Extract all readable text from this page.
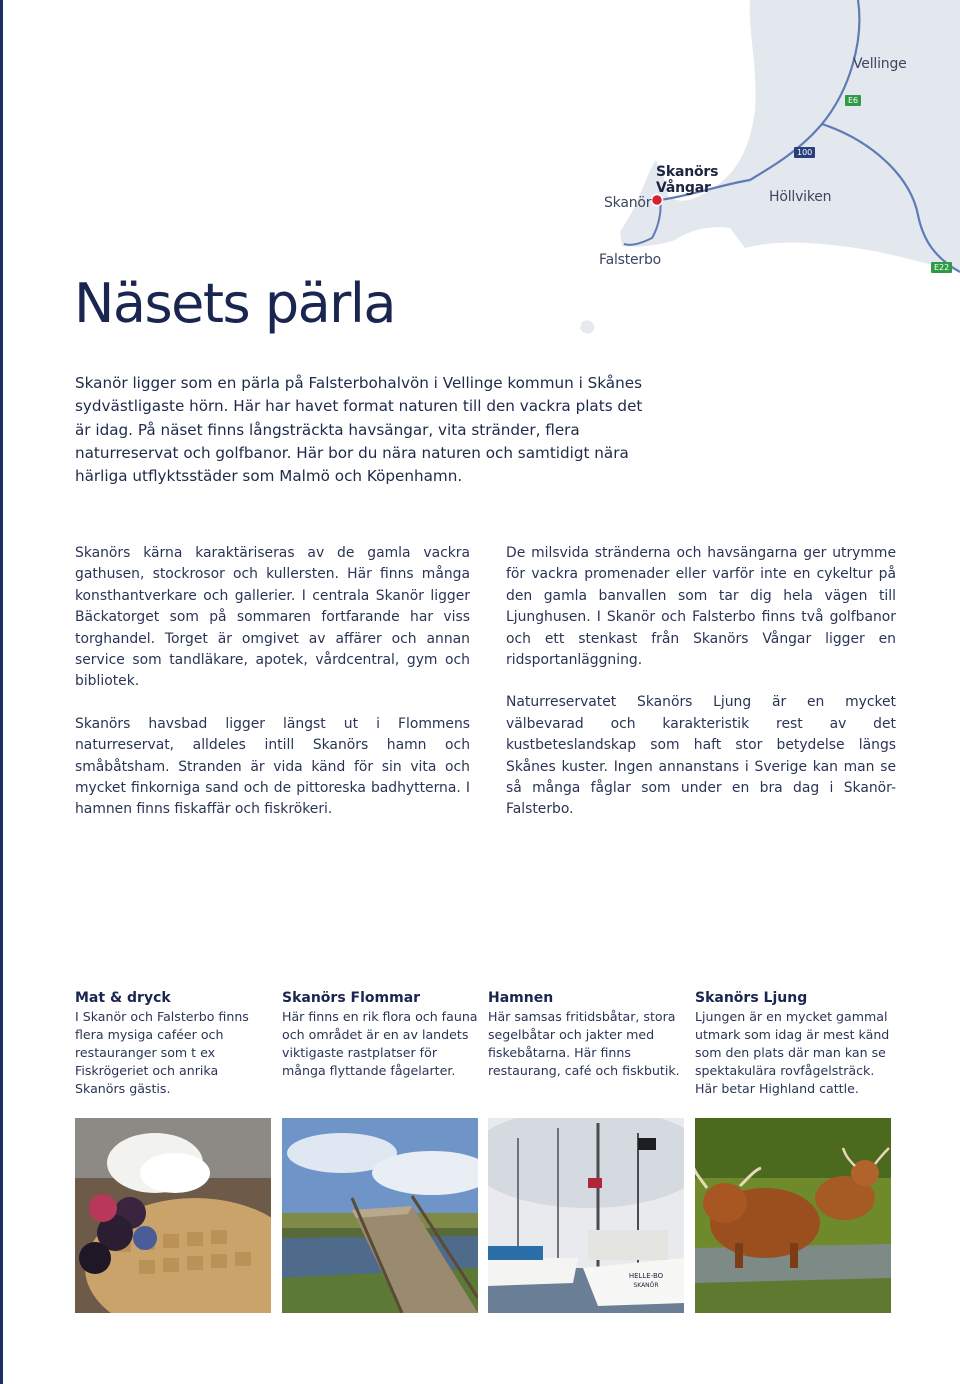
Vellinge
E6
100
Skanörs
Vångar
Skanör	Höllviken
Falsterbo	E22
Näsets pärla

Skanör ligger som en pärla på Falsterbohalvön i Vellinge kommun i Skånes sydvästligaste hörn. Här har havet format naturen till den vackra plats det är idag. På näset finns långsträckta havsängar, vita stränder, flera naturreservat och golfbanor. Här bor du nära naturen och samtidigt nära härliga utflyktsstäder som Malmö och Köpenhamn.

Skanörs kärna karaktäriseras av de gamla vackra gathusen, stockrosor och kullersten. Här finns många konsthantverkare och gallerier. I centrala Skanör ligger Bäckatorget som på sommaren fortfarande har viss torghandel. Torget är omgivet av affärer och annan service som tandläkare, apotek, vårdcentral, gym och bibliotek.

Skanörs havsbad ligger längst ut i Flommens naturreservat, alldeles intill Skanörs hamn och småbåtsham. Stranden är vida känd för sin vita och mycket finkorniga sand och de pittoreska badhytterna. I hamnen finns fiskaffär och fiskrökeri.

De milsvida stränderna och havsängarna ger utrymme för vackra promenader eller varför inte en cykeltur på den gamla banvallen som tar dig hela vägen till Ljunghusen. I Skanör och Falsterbo finns två golfbanor och ett stenkast från Skanörs Vångar ligger en ridsportanläggning.

Naturreservatet Skanörs Ljung är en mycket välbevarad och karakteristik rest av det kustbeteslandskap som haft stor betydelse längs Skånes kuster. Ingen annanstans i Sverige kan man se så många fåglar som under en bra dag i Skanör-Falsterbo.

Mat & dryck

I Skanör och Falsterbo finns flera mysiga caféer och restauranger som t ex Fiskrögeriet och anrika Skanörs gästis.

Skanörs Flommar

Här finns en rik flora och fauna och området är en av landets viktigaste rastplatser för många flyttande fågelarter.

Hamnen

Här samsas fritidsbåtar, stora segelbåtar och jakter med fiskebåtarna. Här finns restaurang, café och fiskbutik.

Skanörs Ljung

Ljungen är en mycket gammal utmark som idag är mest känd som den plats där man kan se spektakulära rovfågelsträck. Här betar Highland cattle.

HELLE-BO
SKANÖR
